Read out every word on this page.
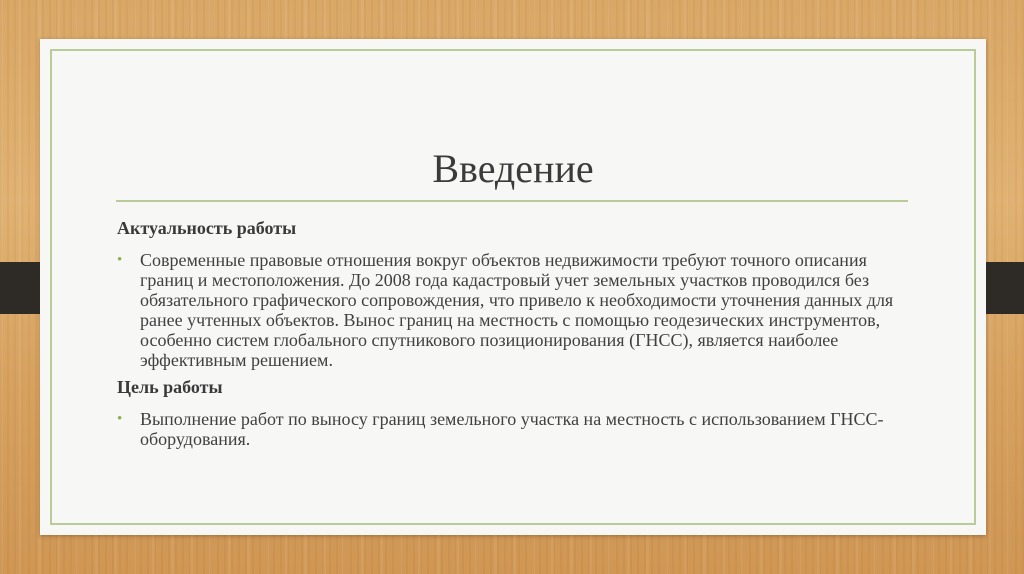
Введение
Актуальность работы

• Современные правовые отношения вокруг объектов недвижимости требуют точного описания границ и местоположения. До 2008 года кадастровый учет земельных участков проводился без обязательного графического сопровождения, что привело к необходимости уточнения данных для ранее учтенных объектов. Вынос границ на местность с помощью геодезических инструментов, особенно систем глобального спутникового позиционирования (ГНСС), является наиболее эффективным решением.

Цель работы

• Выполнение работ по выносу границ земельного участка на местность с использованием ГНСС-оборудования.
